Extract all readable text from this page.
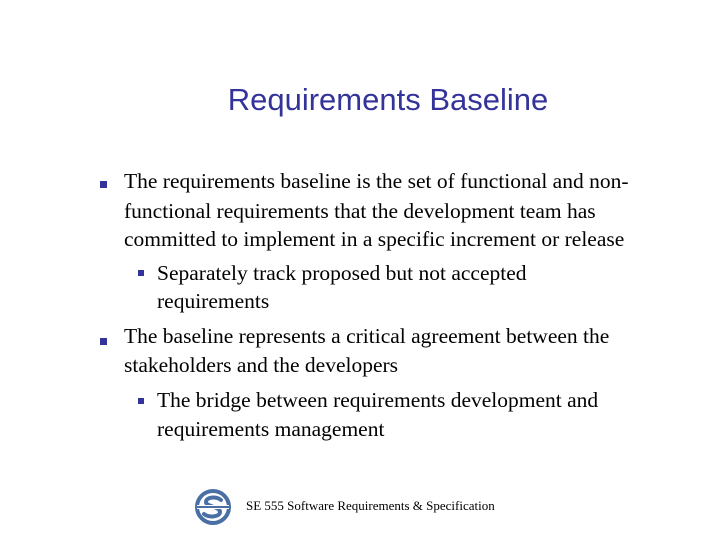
Requirements Baseline
The requirements baseline is the set of functional and non-
functional requirements that the development team has
committed to implement in a specific increment or release
Separately track proposed but not accepted
requirements
The baseline represents a critical agreement between the
stakeholders and the developers
The bridge between requirements development and
requirements management
SE 555 Software Requirements & Specification
